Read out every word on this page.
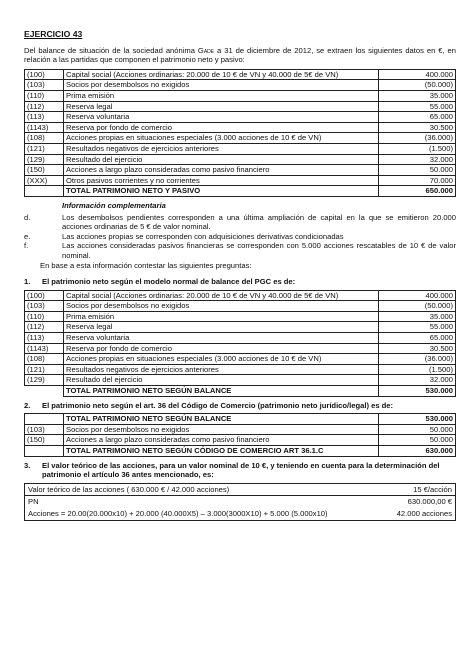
EJERCICIO 43

Del balance de situación de la sociedad anónima Gade a 31 de diciembre de 2012, se extraen los siguientes datos en €, en relación a las partidas que componen el patrimonio neto y pasivo:

(100)	Capital social (Acciones ordinarias: 20.000 de 10 € de VN y 40.000 de 5€ de VN)	400.000
(103)	Socios por desembolsos no exigidos	(50.000)
(110)	Prima emisión	35.000
(112)	Reserva legal	55.000
(113)	Reserva voluntaria	65.000
(1143)	Reserva por fondo de comercio	30.500
(108)	Acciones propias en situaciones especiales (3.000 acciones de 10 € de VN)	(36.000)
(121)	Resultados negativos de ejercicios anteriores	(1.500)
(129)	Resultado del ejercicio	32.000
(150)	Acciones a largo plazo consideradas como pasivo financiero	50.000
(XXX)	Otros pasivos corrientes y no corrientes	70.000
	TOTAL PATRIMONIO NETO Y PASIVO	650.000
Información complementaria
d.	Los desembolsos pendientes corresponden a una última ampliación de capital en la que se emitieron 20.000 acciones ordinarias de 5 € de valor nominal.
e.	Las acciones propias se corresponden con adquisiciones derivativas condicionadas
f.	Las acciones consideradas pasivos financieras se corresponden con 5.000 acciones rescatables de 10 € de valor nominal.
En base a esta información contestar las siguientes preguntas:
1.	El patrimonio neto según el modelo normal de balance del PGC es de:
(100)	Capital social (Acciones ordinarias: 20.000 de 10 € de VN y 40.000 de 5€ de VN)	400.000
(103)	Socios por desembolsos no exigidos	(50.000)
(110)	Prima emisión	35.000
(112)	Reserva legal	55.000
(113)	Reserva voluntaria	65.000
(1143)	Reserva por fondo de comercio	30.500
(108)	Acciones propias en situaciones especiales (3.000 acciones de 10 € de VN)	(36.000)
(121)	Resultados negativos de ejercicios anteriores	(1.500)
(129)	Resultado del ejercicio	32.000
	TOTAL PATRIMONIO NETO SEGÚN BALANCE	530.000
2.	El patrimonio neto según el art. 36 del Código de Comercio (patrimonio neto jurídico/legal) es de:
	TOTAL PATRIMONIO NETO SEGÚN BALANCE	530.000
(103)	Socios por desembolsos no exigidos	50.000
(150)	Acciones a largo plazo consideradas como pasivo financiero	50.000
	TOTAL PATRIMONIO NETO SEGÚN CÓDIGO DE COMERCIO ART 36.1.C	630.000
3.	El valor teórico de las acciones, para un valor nominal de 10 €, y teniendo en cuenta para la determinación del patrimonio el artículo 36 antes mencionado, es:
Valor teórico de las acciones ( 630.000 € / 42.000 acciones)	15 €/acción
PN	630.000,00 €
Acciones = 20.00(20.000x10) + 20.000 (40.000X5) – 3.000(3000X10) + 5.000 (5.000x10)	42.000 acciones
